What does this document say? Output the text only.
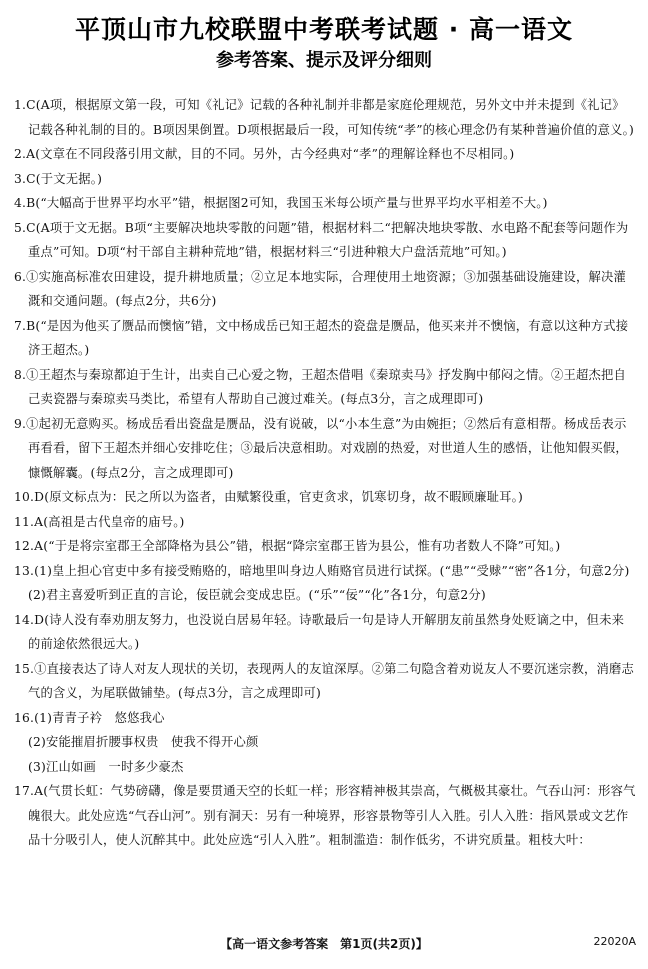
平顶山市九校联盟中考联考试题 · 高一语文
参考答案、提示及评分细则
1.C(A项，根据原文第一段，可知《礼记》记载的各种礼制并非都是家庭伦理规范，另外文中并未提到《礼记》记载各种礼制的目的。B项因果倒置。D项根据最后一段，可知传统“孝”的核心理念仍有某种普遍价值的意义。)
2.A(文章在不同段落引用文献，目的不同。另外，古今经典对“孝”的理解诠释也不尽相同。)
3.C(于文无据。)
4.B(“大幅高于世界平均水平”错，根据图2可知，我国玉米每公顷产量与世界平均水平相差不大。)
5.C(A项于文无据。B项“主要解决地块零散的问题”错，根据材料二“把解决地块零散、水电路不配套等问题作为重点”可知。D项“村干部自主耕种荒地”错，根据材料三“引进种粮大户盘活荒地”可知。)
6.①实施高标准农田建设，提升耕地质量；②立足本地实际，合理使用土地资源；③加强基础设施建设，解决灌溉和交通问题。(每点2分，共6分)
7.B(“是因为他买了赝品而懊恼”错，文中杨成岳已知王超杰的瓷盘是赝品，他买来并不懊恼，有意以这种方式接济王超杰。)
8.①王超杰与秦琼都迫于生计，出卖自己心爱之物，王超杰借唱《秦琼卖马》抒发胸中郁闷之情。②王超杰把自己卖瓷器与秦琼卖马类比，希望有人帮助自己渡过难关。(每点3分，言之成理即可)
9.①起初无意购买。杨成岳看出瓷盘是赝品，没有说破，以“小本生意”为由婉拒；②然后有意相帮。杨成岳表示再看看，留下王超杰并细心安排吃住；③最后决意相助。对戏剧的热爱，对世道人生的感悟，让他知假买假，慷慨解囊。(每点2分，言之成理即可)
10.D(原文标点为：民之所以为盗者，由赋繁役重，官吏贪求，饥寒切身，故不暇顾廉耻耳。)
11.A(高祖是古代皇帝的庙号。)
12.A(“于是将宗室郡王全部降格为县公”错，根据“降宗室郡王皆为县公，惟有功者数人不降”可知。)
13.(1)皇上担心官吏中多有接受贿赂的，暗地里叫身边人贿赂官员进行试探。(“患”“受赇”“密”各1分，句意2分)
(2)君主喜爱听到正直的言论，佞臣就会变成忠臣。(“乐”“佞”“化”各1分，句意2分)
14.D(诗人没有奉劝朋友努力，也没说白居易年轻。诗歌最后一句是诗人开解朋友前虽然身处贬谪之中，但未来的前途依然很远大。)
15.①直接表达了诗人对友人现状的关切，表现两人的友谊深厚。②第二句隐含着劝说友人不要沉迷宗教，消磨志气的含义，为尾联做铺垫。(每点3分，言之成理即可)
16.(1)青青子衿　悠悠我心
(2)安能摧眉折腰事权贵　使我不得开心颜
(3)江山如画　一时多少豪杰
17.A(气贯长虹：气势磅礴，像是要贯通天空的长虹一样；形容精神极其崇高，气概极其豪壮。气吞山河：形容气魄很大。此处应选“气吞山河”。别有洞天：另有一种境界，形容景物等引人入胜。引人入胜：指风景或文艺作品十分吸引人，使人沉醉其中。此处应选“引人入胜”。粗制滥造：制作低劣，不讲究质量。粗枝大叶：
【高一语文参考答案　第1页(共2页)】	22020A
